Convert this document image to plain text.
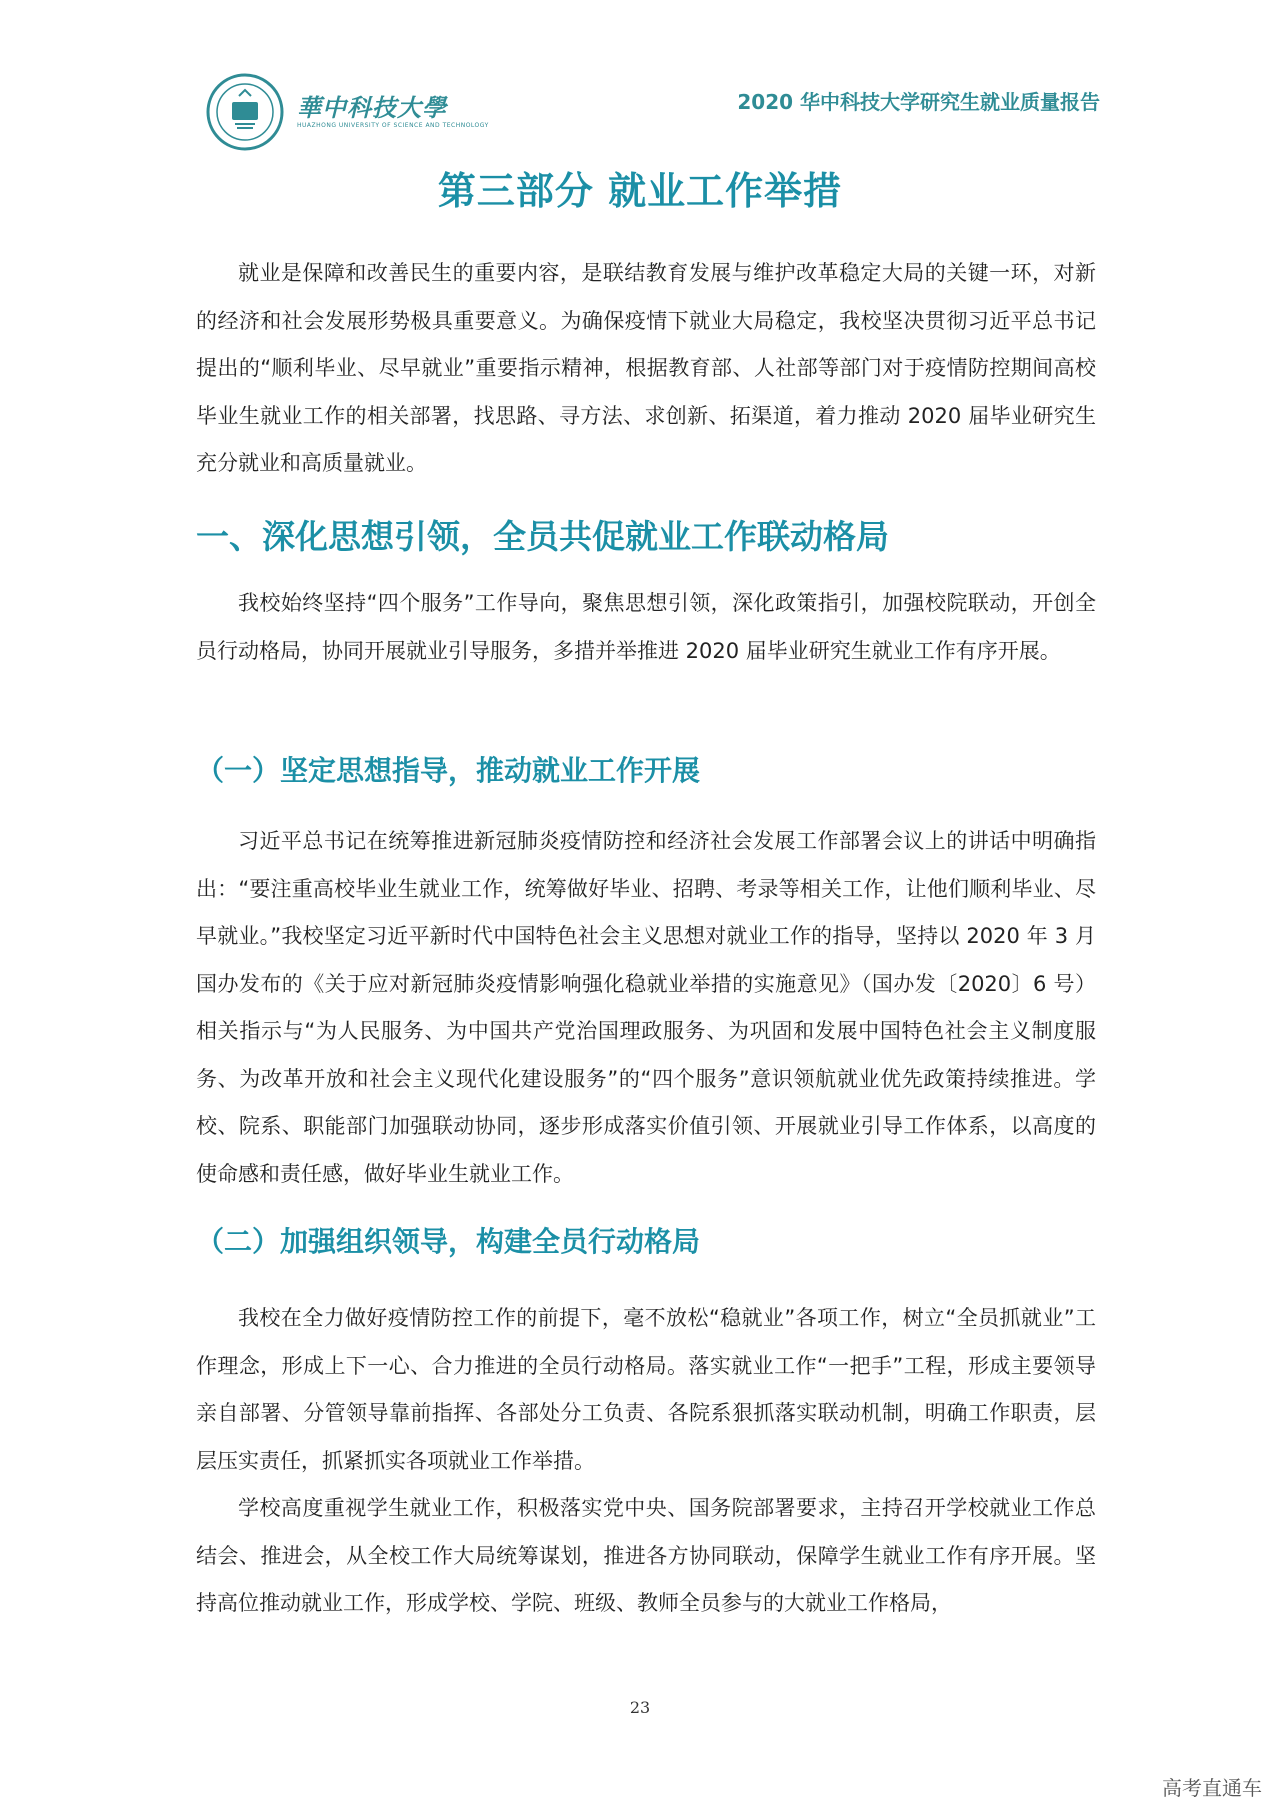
華中科技大學
HUAZHONG UNIVERSITY OF SCIENCE AND TECHNOLOGY
2020 华中科技大学研究生就业质量报告
第三部分 就业工作举措

就业是保障和改善民生的重要内容，是联结教育发展与维护改革稳定大局的关键一环，对新的经济和社会发展形势极具重要意义。为确保疫情下就业大局稳定，我校坚决贯彻习近平总书记提出的“顺利毕业、尽早就业”重要指示精神，根据教育部、人社部等部门对于疫情防控期间高校毕业生就业工作的相关部署，找思路、寻方法、求创新、拓渠道，着力推动 2020 届毕业研究生充分就业和高质量就业。

一、深化思想引领，全员共促就业工作联动格局

我校始终坚持“四个服务”工作导向，聚焦思想引领，深化政策指引，加强校院联动，开创全员行动格局，协同开展就业引导服务，多措并举推进 2020 届毕业研究生就业工作有序开展。

（一）坚定思想指导，推动就业工作开展

习近平总书记在统筹推进新冠肺炎疫情防控和经济社会发展工作部署会议上的讲话中明确指出：“要注重高校毕业生就业工作，统筹做好毕业、招聘、考录等相关工作，让他们顺利毕业、尽早就业。”我校坚定习近平新时代中国特色社会主义思想对就业工作的指导，坚持以 2020 年 3 月国办发布的《关于应对新冠肺炎疫情影响强化稳就业举措的实施意见》（国办发〔2020〕6 号）相关指示与“为人民服务、为中国共产党治国理政服务、为巩固和发展中国特色社会主义制度服务、为改革开放和社会主义现代化建设服务”的“四个服务”意识领航就业优先政策持续推进。学校、院系、职能部门加强联动协同，逐步形成落实价值引领、开展就业引导工作体系，以高度的使命感和责任感，做好毕业生就业工作。

（二）加强组织领导，构建全员行动格局

我校在全力做好疫情防控工作的前提下，毫不放松“稳就业”各项工作，树立“全员抓就业”工作理念，形成上下一心、合力推进的全员行动格局。落实就业工作“一把手”工程，形成主要领导亲自部署、分管领导靠前指挥、各部处分工负责、各院系狠抓落实联动机制，明确工作职责，层层压实责任，抓紧抓实各项就业工作举措。

学校高度重视学生就业工作，积极落实党中央、国务院部署要求，主持召开学校就业工作总结会、推进会，从全校工作大局统筹谋划，推进各方协同联动，保障学生就业工作有序开展。坚持高位推动就业工作，形成学校、学院、班级、教师全员参与的大就业工作格局，

23
高考直通车
